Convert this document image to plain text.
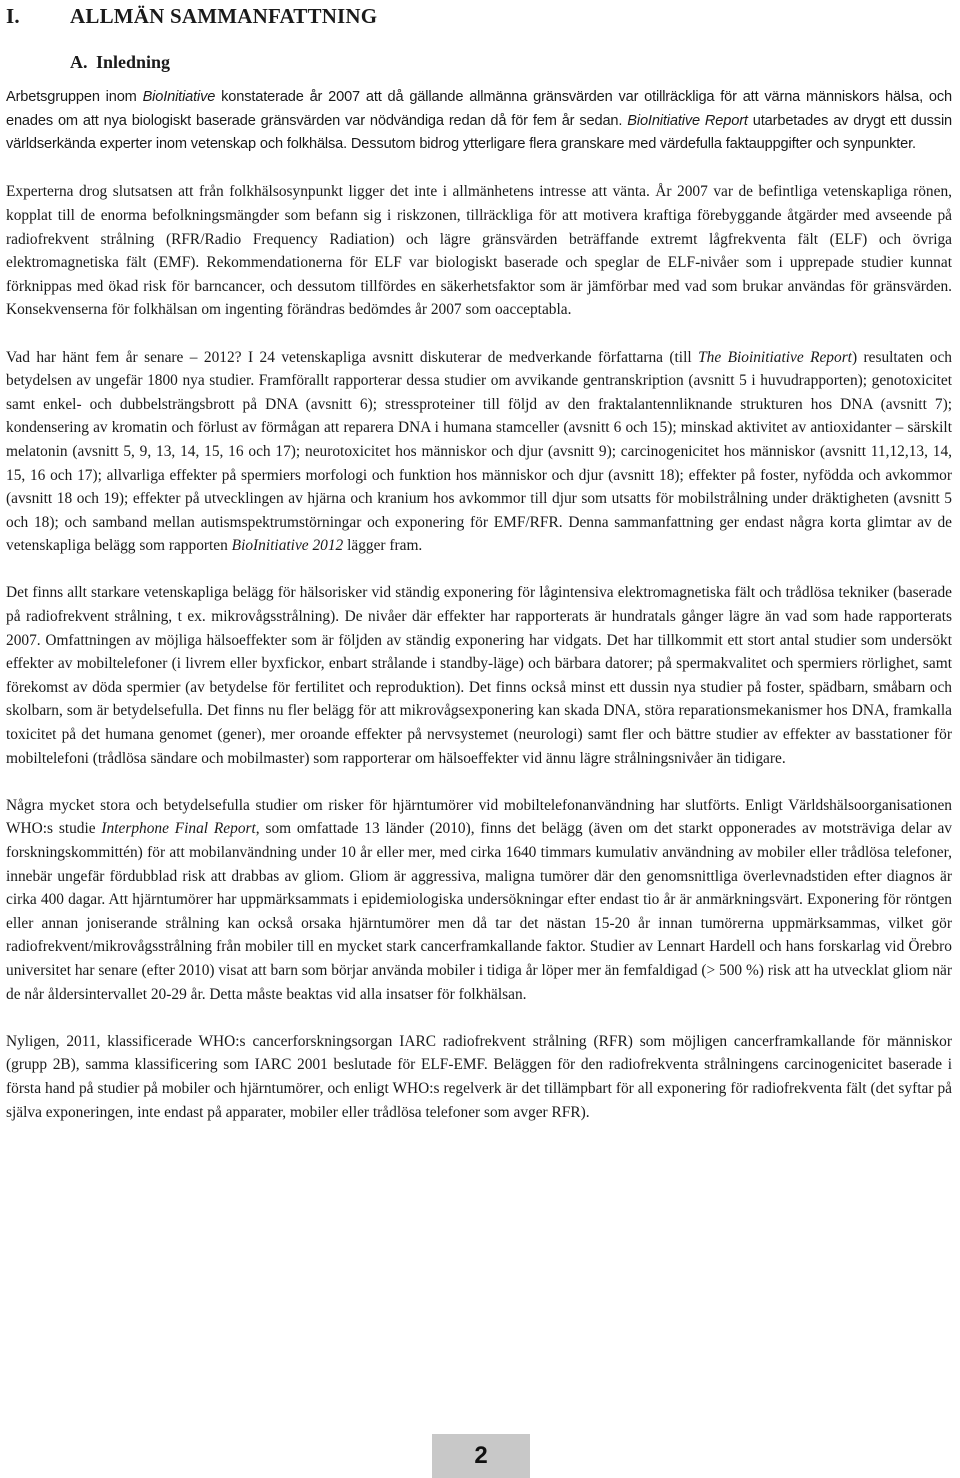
I.	ALLMÄN SAMMANFATTNING
A. Inledning

Arbetsgruppen inom BioInitiative konstaterade år 2007 att då gällande allmänna gränsvärden var otillräckliga för att värna människors hälsa, och enades om att nya biologiskt baserade gränsvärden var nödvändiga redan då för fem år sedan. BioInitiative Report utarbetades av drygt ett dussin världserkända experter inom vetenskap och folkhälsa. Dessutom bidrog ytterligare flera granskare med värdefulla faktauppgifter och synpunkter.

Experterna drog slutsatsen att från folkhälsosynpunkt ligger det inte i allmänhetens intresse att vänta. År 2007 var de befintliga vetenskapliga rönen, kopplat till de enorma befolkningsmängder som befann sig i riskzonen, tillräckliga för att motivera kraftiga förebyggande åtgärder med avseende på radiofrekvent strålning (RFR/Radio Frequency Radiation) och lägre gränsvärden beträffande extremt lågfrekventa fält (ELF) och övriga elektromagnetiska fält (EMF). Rekommendationerna för ELF var biologiskt baserade och speglar de ELF-nivåer som i upprepade studier kunnat förknippas med ökad risk för barncancer, och dessutom tillfördes en säkerhetsfaktor som är jämförbar med vad som brukar användas för gränsvärden. Konsekvenserna för folkhälsan om ingenting förändras bedömdes år 2007 som oacceptabla.

Vad har hänt fem år senare – 2012? I 24 vetenskapliga avsnitt diskuterar de medverkande författarna (till The Bioinitiative Report) resultaten och betydelsen av ungefär 1800 nya studier. Framförallt rapporterar dessa studier om avvikande gentranskription (avsnitt 5 i huvudrapporten); genotoxicitet samt enkel- och dubbelsträngsbrott på DNA (avsnitt 6); stressproteiner till följd av den fraktalantennliknande strukturen hos DNA (avsnitt 7); kondensering av kromatin och förlust av förmågan att reparera DNA i humana stamceller (avsnitt 6 och 15); minskad aktivitet av antioxidanter – särskilt melatonin (avsnitt 5, 9, 13, 14, 15, 16 och 17); neurotoxicitet hos människor och djur (avsnitt 9); carcinogenicitet hos människor (avsnitt 11,12,13, 14, 15, 16 och 17); allvarliga effekter på spermiers morfologi och funktion hos människor och djur (avsnitt 18); effekter på foster, nyfödda och avkommor (avsnitt 18 och 19); effekter på utvecklingen av hjärna och kranium hos avkommor till djur som utsatts för mobilstrålning under dräktigheten (avsnitt 5 och 18); och samband mellan autismspektrumstörningar och exponering för EMF/RFR. Denna sammanfattning ger endast några korta glimtar av de vetenskapliga belägg som rapporten BioInitiative 2012 lägger fram.

Det finns allt starkare vetenskapliga belägg för hälsorisker vid ständig exponering för lågintensiva elektromagnetiska fält och trådlösa tekniker (baserade på radiofrekvent strålning, t ex. mikrovågsstrålning). De nivåer där effekter har rapporterats är hundratals gånger lägre än vad som hade rapporterats 2007. Omfattningen av möjliga hälsoeffekter som är följden av ständig exponering har vidgats. Det har tillkommit ett stort antal studier som undersökt effekter av mobiltelefoner (i livrem eller byxfickor, enbart strålande i standby-läge) och bärbara datorer; på spermakvalitet och spermiers rörlighet, samt förekomst av döda spermier (av betydelse för fertilitet och reproduktion). Det finns också minst ett dussin nya studier på foster, spädbarn, småbarn och skolbarn, som är betydelsefulla. Det finns nu fler belägg för att mikrovågsexponering kan skada DNA, störa reparationsmekanismer hos DNA, framkalla toxicitet på det humana genomet (gener), mer oroande effekter på nervsystemet (neurologi) samt fler och bättre studier av effekter av basstationer för mobiltelefoni (trådlösa sändare och mobilmaster) som rapporterar om hälsoeffekter vid ännu lägre strålningsnivåer än tidigare.

Några mycket stora och betydelsefulla studier om risker för hjärntumörer vid mobiltelefonanvändning har slutförts. Enligt Världshälsoorganisationen WHO:s studie Interphone Final Report, som omfattade 13 länder (2010), finns det belägg (även om det starkt opponerades av motsträviga delar av forskningskommittén) för att mobilanvändning under 10 år eller mer, med cirka 1640 timmars kumulativ användning av mobiler eller trådlösa telefoner, innebär ungefär fördubblad risk att drabbas av gliom. Gliom är aggressiva, maligna tumörer där den genomsnittliga överlevnadstiden efter diagnos är cirka 400 dagar. Att hjärntumörer har uppmärksammats i epidemiologiska undersökningar efter endast tio år är anmärkningsvärt. Exponering för röntgen eller annan joniserande strålning kan också orsaka hjärntumörer men då tar det nästan 15-20 år innan tumörerna uppmärksammas, vilket gör radiofrekvent/mikrovågsstrålning från mobiler till en mycket stark cancerframkallande faktor. Studier av Lennart Hardell och hans forskarlag vid Örebro universitet har senare (efter 2010) visat att barn som börjar använda mobiler i tidiga år löper mer än femfaldigad (> 500 %) risk att ha utvecklat gliom när de når åldersintervallet 20-29 år. Detta måste beaktas vid alla insatser för folkhälsan.

Nyligen, 2011, klassificerade WHO:s cancerforskningsorgan IARC radiofrekvent strålning (RFR) som möjligen cancerframkallande för människor (grupp 2B), samma klassificering som IARC 2001 beslutade för ELF-EMF. Beläggen för den radiofrekventa strålningens carcinogenicitet baserade i första hand på studier på mobiler och hjärntumörer, och enligt WHO:s regelverk är det tillämpbart för all exponering för radiofrekventa fält (det syftar på själva exponeringen, inte endast på apparater, mobiler eller trådlösa telefoner som avger RFR).

2
